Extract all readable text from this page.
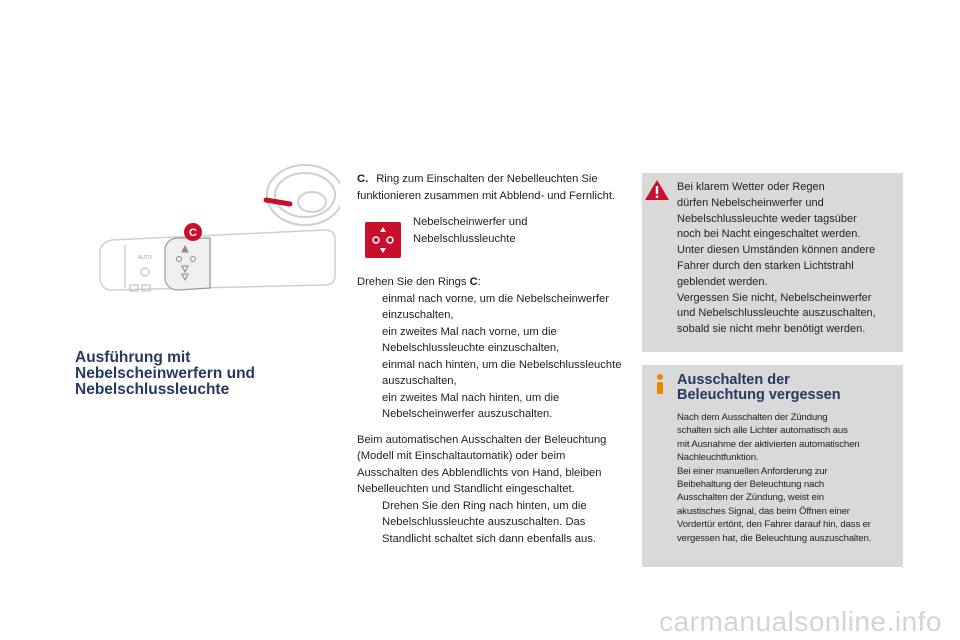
AUTO
C
Ausführung mit
Nebelscheinwerfern und
Nebelschlussleuchte

C. Ring zum Einschalten der Nebelleuchten Sie funktionieren zusammen mit Abblend- und Fernlicht.

Nebelscheinwerfer und Nebelschlussleuchte

Drehen Sie den Rings C:

einmal nach vorne, um die Nebelscheinwerfer einzuschalten,
ein zweites Mal nach vorne, um die Nebelschlussleuchte einzuschalten,
einmal nach hinten, um die Nebelschlussleuchte auszuschalten,
ein zweites Mal nach hinten, um die Nebelscheinwerfer auszuschalten.

Beim automatischen Ausschalten der Beleuchtung (Modell mit Einschaltautomatik) oder beim Ausschalten des Abblendlichts von Hand, bleiben Nebelleuchten und Standlicht eingeschaltet.

Drehen Sie den Ring nach hinten, um die Nebelschlussleuchte auszuschalten. Das Standlicht schaltet sich dann ebenfalls aus.
Bei klarem Wetter oder Regen
dürfen Nebelscheinwerfer und
Nebelschlussleuchte weder tagsüber
noch bei Nacht eingeschaltet werden.
Unter diesen Umständen können andere
Fahrer durch den starken Lichtstrahl
geblendet werden.
Vergessen Sie nicht, Nebelscheinwerfer
und Nebelschlussleuchte auszuschalten,
sobald sie nicht mehr benötigt werden.
Ausschalten der
Beleuchtung vergessen
Nach dem Ausschalten der Zündung
schalten sich alle Lichter automatisch aus
mit Ausnahme der aktivierten automatischen
Nachleuchtfunktion.
Bei einer manuellen Anforderung zur
Beibehaltung der Beleuchtung nach
Ausschalten der Zündung, weist ein
akustisches Signal, das beim Öffnen einer
Vordertür ertönt, den Fahrer darauf hin, dass er
vergessen hat, die Beleuchtung auszuschalten.
carmanualsonline.info
